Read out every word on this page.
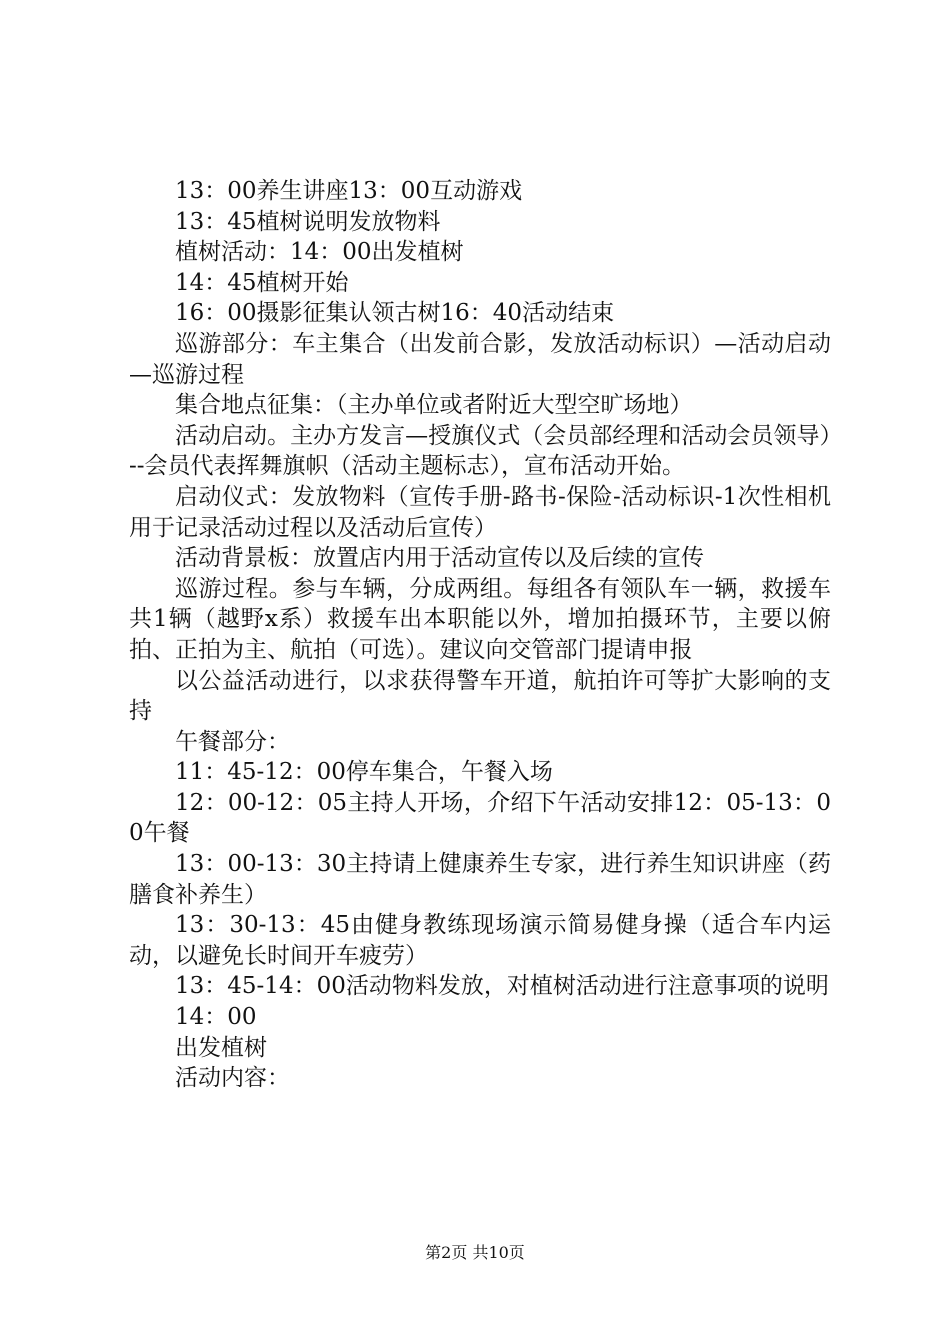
13：00养生讲座13：00互动游戏

13：45植树说明发放物料

植树活动：14：00出发植树

14：45植树开始

16：00摄影征集认领古树16：40活动结束

巡游部分：车主集合（出发前合影，发放活动标识）—活动启动—巡游过程

集合地点征集：（主办单位或者附近大型空旷场地）

活动启动。主办方发言—授旗仪式（会员部经理和活动会员领导）--会员代表挥舞旗帜（活动主题标志），宣布活动开始。

启动仪式：发放物料（宣传手册-路书-保险-活动标识-1次性相机用于记录活动过程以及活动后宣传）

活动背景板：放置店内用于活动宣传以及后续的宣传

巡游过程。参与车辆，分成两组。每组各有领队车一辆，救援车共1辆（越野x系）救援车出本职能以外，增加拍摄环节，主要以俯拍、正拍为主、航拍（可选）。建议向交管部门提请申报

以公益活动进行，以求获得警车开道，航拍许可等扩大影响的支持

午餐部分：

11：45-12：00停车集合，午餐入场

12：00-12：05主持人开场，介绍下午活动安排12：05-13：00午餐

13：00-13：30主持请上健康养生专家，进行养生知识讲座（药膳食补养生）

13：30-13：45由健身教练现场演示简易健身操（适合车内运动，以避免长时间开车疲劳）

13：45-14：00活动物料发放，对植树活动进行注意事项的说明

14：00

出发植树

活动内容：

第2页 共10页
